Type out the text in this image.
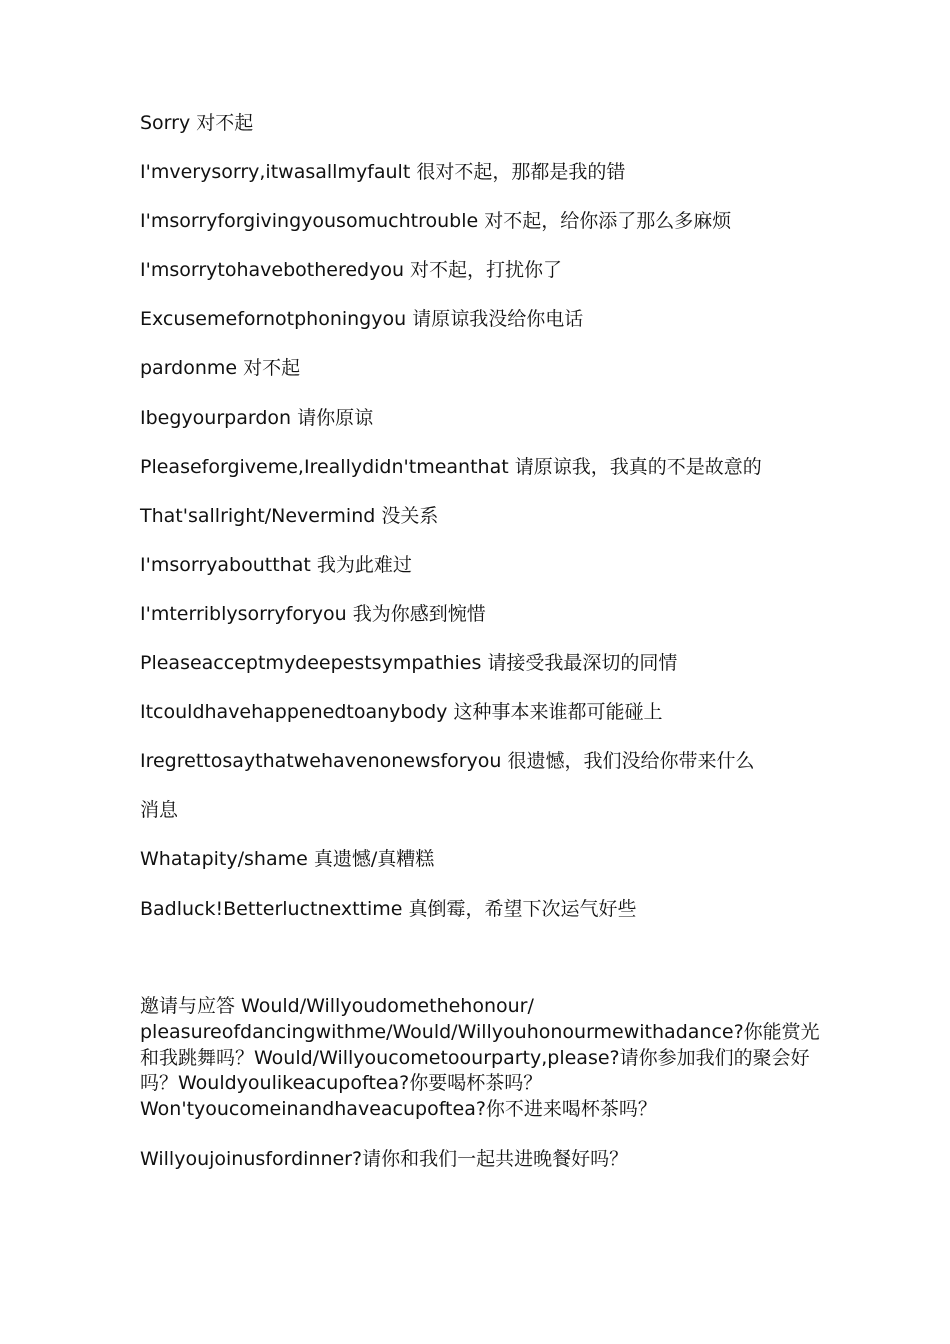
Sorry 对不起
I'mverysorry,itwasallmyfault 很对不起，那都是我的错
I'msorryforgivingyousomuchtrouble 对不起，给你添了那么多麻烦
I'msorrytohavebotheredyou 对不起，打扰你了
Excusemefornotphoningyou 请原谅我没给你电话
pardonme 对不起
Ibegyourpardon 请你原谅
Pleaseforgiveme,Ireallydidn'tmeanthat 请原谅我，我真的不是故意的
That'sallright/Nevermind 没关系
I'msorryaboutthat 我为此难过
I'mterriblysorryforyou 我为你感到惋惜
Pleaseacceptmydeepestsympathies 请接受我最深切的同情
Itcouldhavehappenedtoanybody 这种事本来谁都可能碰上
Iregrettosaythatwehavenonewsforyou 很遗憾，我们没给你带来什么
消息
Whatapity/shame 真遗憾/真糟糕
Badluck!Betterluctnexttime 真倒霉，希望下次运气好些
邀请与应答 Would/Willyoudomethehonour/ pleasureofdancingwithme/Would/Willyouhonourmewithadance?你能赏光和我跳舞吗？Would/Willyoucometoourparty,please?请你参加我们的聚会好吗？Wouldyoulikeacupoftea?你要喝杯茶吗？Won'tyoucomeinandhaveacupoftea?你不进来喝杯茶吗？
Willyoujoinusfordinner?请你和我们一起共进晚餐好吗？
